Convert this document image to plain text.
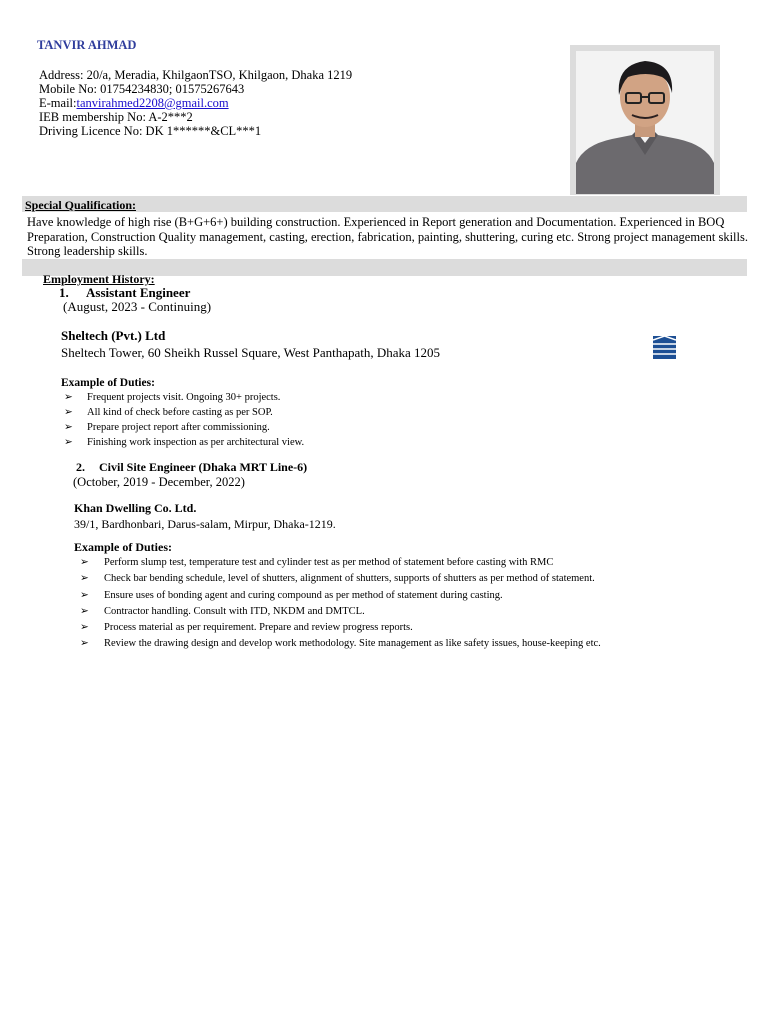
TANVIR AHMAD
Address: 20/a, Meradia, KhilgaonTSO, Khilgaon, Dhaka 1219
Mobile No: 01754234830; 01575267643
E-mail:tanvirahmed2208@gmail.com
IEB membership No: A-2***2
Driving Licence No: DK 1******&CL***1
Special Qualification:
Have knowledge of high rise (B+G+6+) building construction. Experienced in Report generation and Documentation. Experienced in BOQ Preparation, Construction Quality management, casting, erection, fabrication, painting, shuttering, curing etc. Strong project management skills. Strong leadership skills.
Employment History:
1. Assistant Engineer
(August, 2023 - Continuing)
Sheltech (Pvt.) Ltd
Sheltech Tower, 60 Sheikh Russel Square, West Panthapath, Dhaka 1205
Example of Duties:
➢ Frequent projects visit. Ongoing 30+ projects.
➢ All kind of check before casting as per SOP.
➢ Prepare project report after commissioning.
➢ Finishing work inspection as per architectural view.
2. Civil Site Engineer (Dhaka MRT Line-6)
(October, 2019 - December, 2022)
Khan Dwelling Co. Ltd.
39/1, Bardhonbari, Darus-salam, Mirpur, Dhaka-1219.
Example of Duties:
➢ Perform slump test, temperature test and cylinder test as per method of statement before casting with RMC
➢ Check bar bending schedule, level of shutters, alignment of shutters, supports of shutters as per method of statement.
➢ Ensure uses of bonding agent and curing compound as per method of statement during casting.
➢ Contractor handling. Consult with ITD, NKDM and DMTCL.
➢ Process material as per requirement. Prepare and review progress reports.
➢ Review the drawing design and develop work methodology. Site management as like safety issues, house-keeping etc.
